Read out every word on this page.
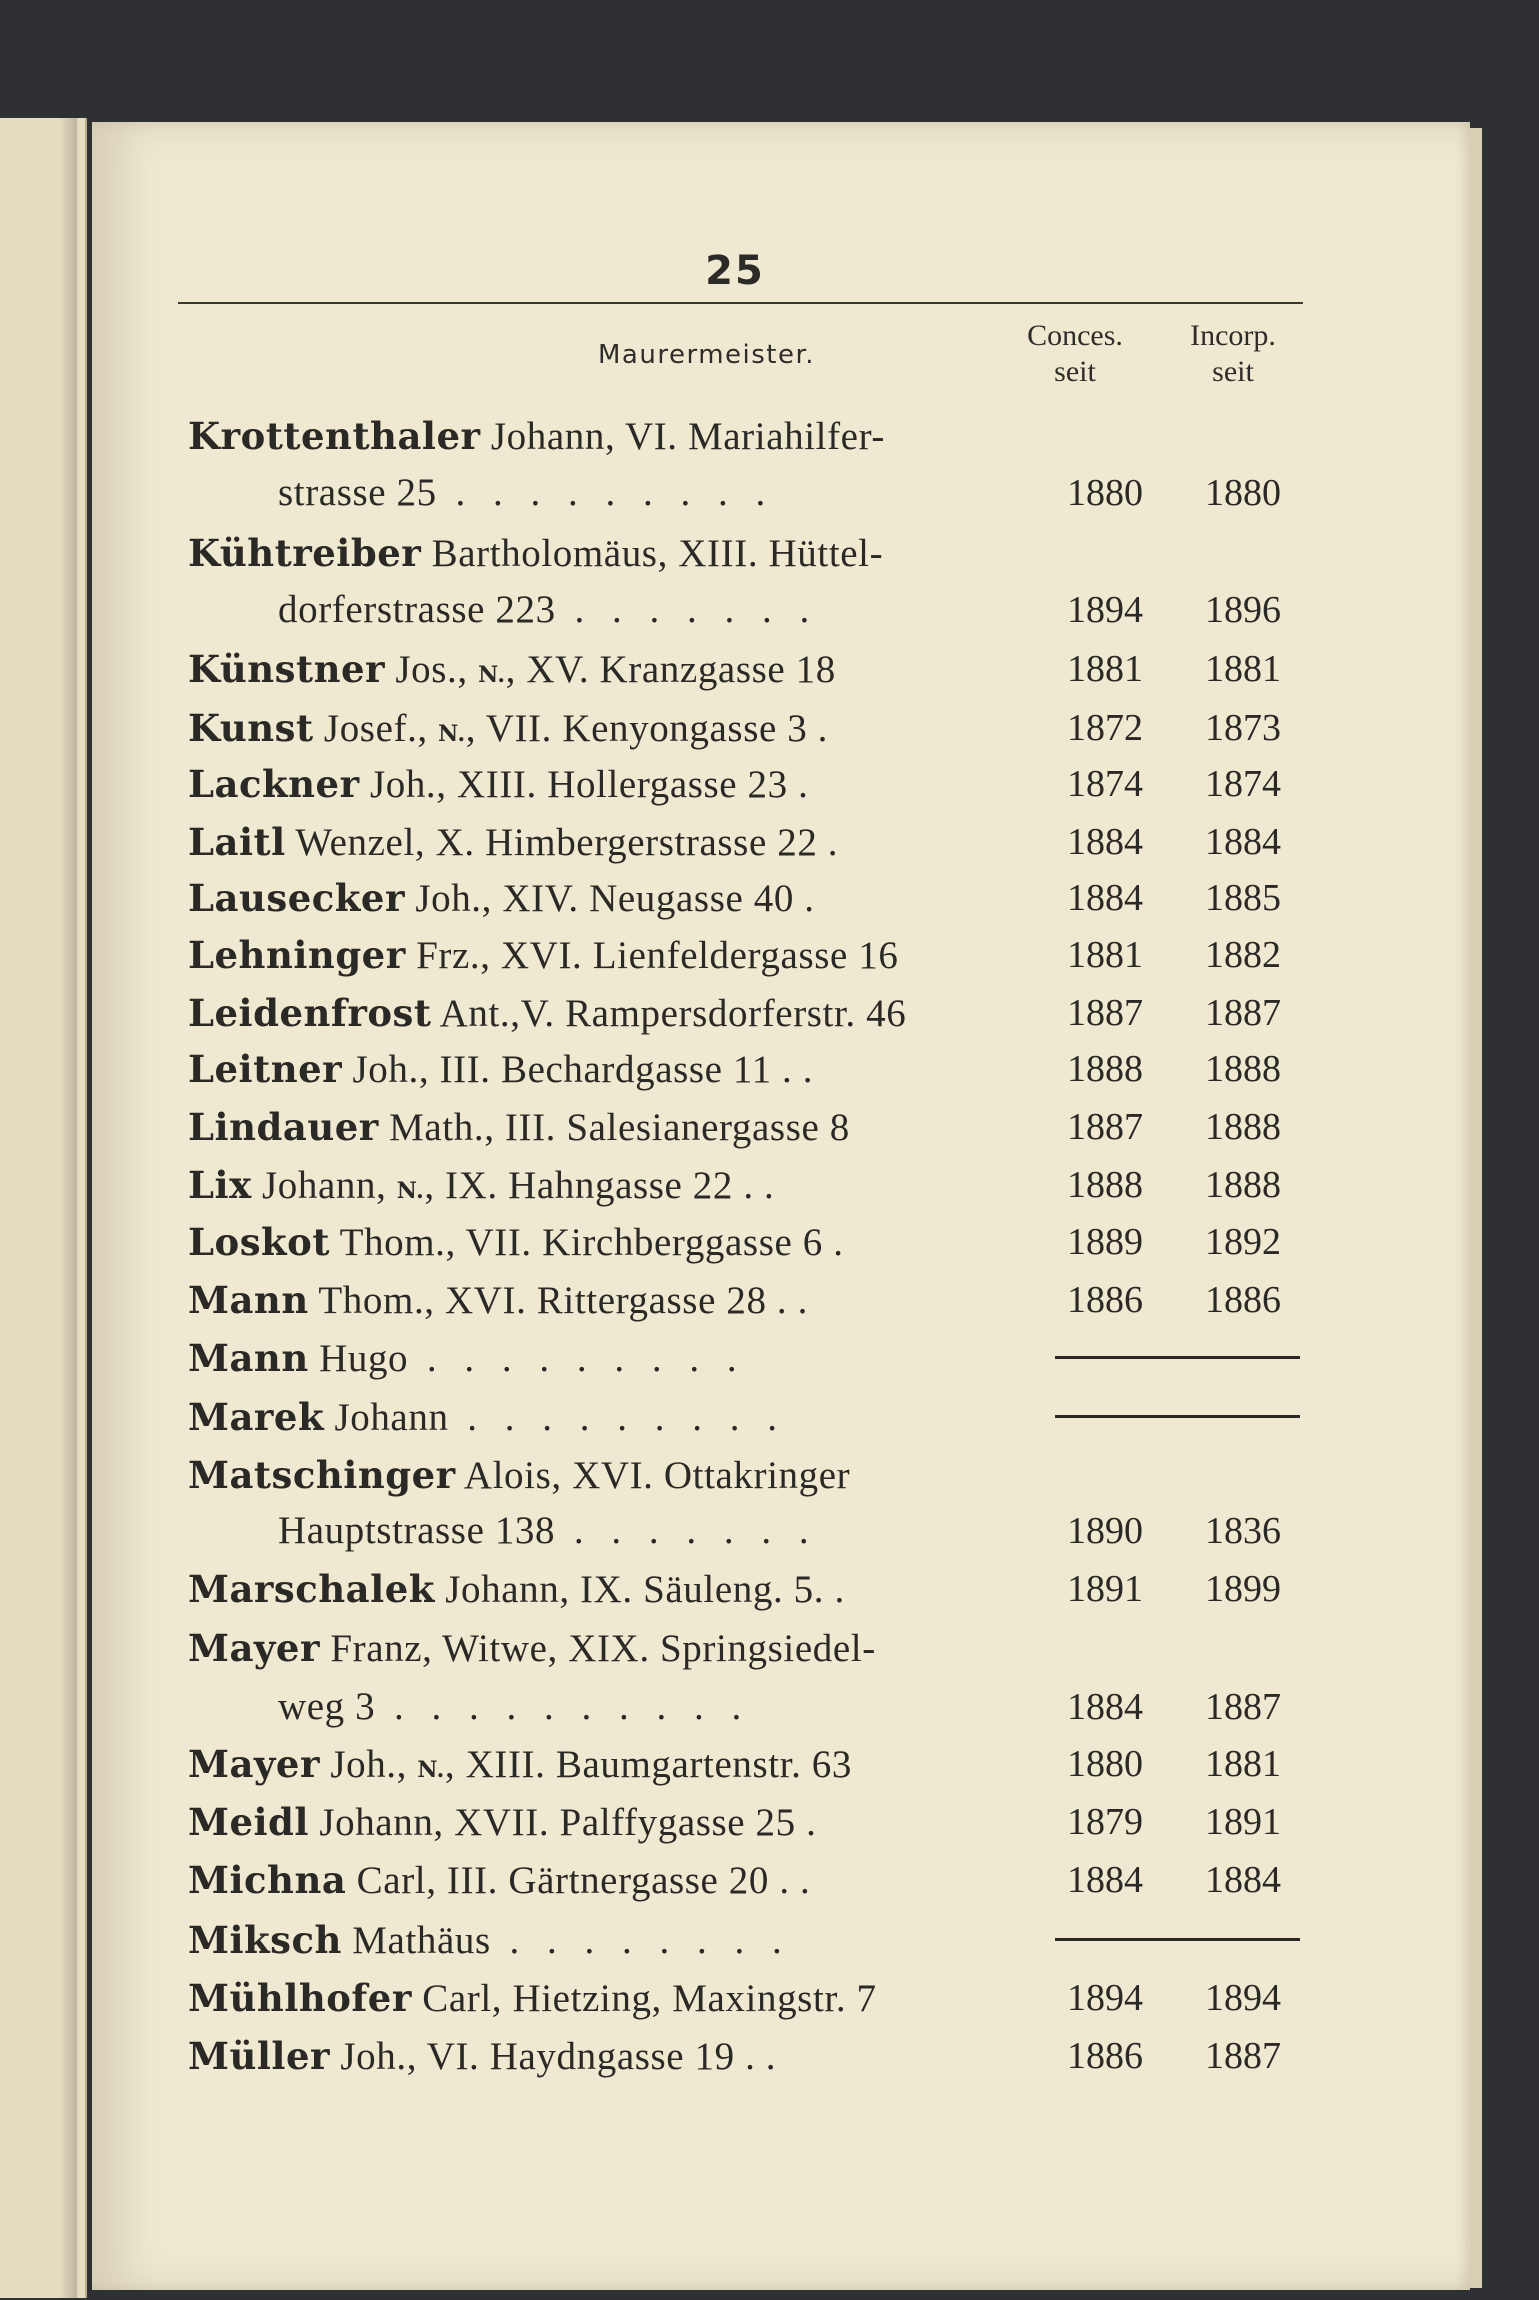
25
Maurermeister.
Conces.
seit
Incorp.
seit
Krottenthaler Johann, VI. Mariahilfer-
strasse 25 . . . . . . . . .	1880	1880
Kühtreiber Bartholomäus, XIII. Hüttel-
dorferstrasse 223 . . . . . . .	1894	1896
Künstner Jos., N., XV. Kranzgasse 18	1881	1881
Kunst Josef., N., VII. Kenyongasse 3 .	1872	1873
Lackner Joh., XIII. Hollergasse 23 .	1874	1874
Laitl Wenzel, X. Himbergerstrasse 22 .	1884	1884
Lausecker Joh., XIV. Neugasse 40 .	1884	1885
Lehninger Frz., XVI. Lienfeldergasse 16	1881	1882
Leidenfrost Ant.,V. Rampersdorferstr. 46	1887	1887
Leitner Joh., III. Bechardgasse 11 . .	1888	1888
Lindauer Math., III. Salesianergasse 8	1887	1888
Lix Johann, N., IX. Hahngasse 22 . .	1888	1888
Loskot Thom., VII. Kirchberggasse 6 .	1889	1892
Mann Thom., XVI. Rittergasse 28 . .	1886	1886
Mann Hugo . . . . . . . . .
Marek Johann . . . . . . . . .
Matschinger Alois, XVI. Ottakringer
Hauptstrasse 138 . . . . . . .	1890	1836
Marschalek Johann, IX. Säuleng. 5. .	1891	1899
Mayer Franz, Witwe, XIX. Springsiedel-
weg 3 . . . . . . . . . .	1884	1887
Mayer Joh., N., XIII. Baumgartenstr. 63	1880	1881
Meidl Johann, XVII. Palffygasse 25 .	1879	1891
Michna Carl, III. Gärtnergasse 20 . .	1884	1884
Miksch Mathäus . . . . . . . .
Mühlhofer Carl, Hietzing, Maxingstr. 7	1894	1894
Müller Joh., VI. Haydngasse 19 . .	1886	1887
